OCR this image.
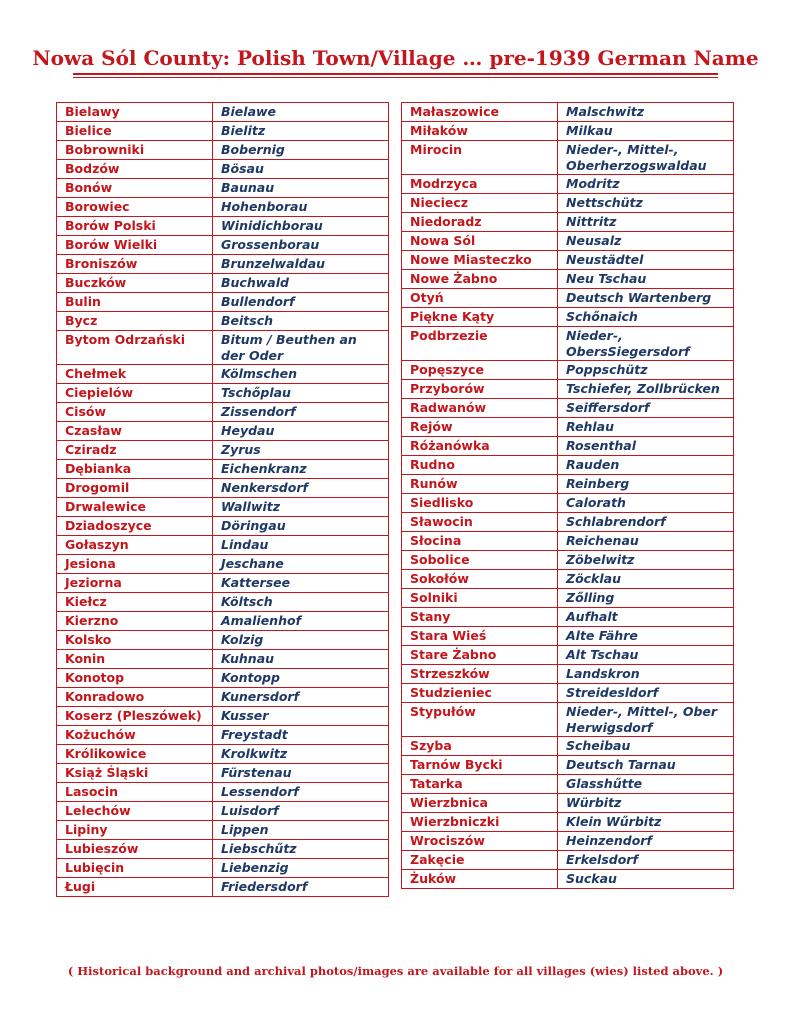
Nowa Sól County: Polish Town/Village … pre-1939 German Name
Bielawy	Bielawe
Bielice	Bielitz
Bobrowniki	Bobernig
Bodzów	Bösau
Bonów	Baunau
Borowiec	Hohenborau
Borów Polski	Winidichborau
Borów Wielki	Grossenborau
Broniszów	Brunzelwaldau
Buczków	Buchwald
Bulin	Bullendorf
Bycz	Beitsch
Bytom Odrzański	Bitum / Beuthen an der Oder
Chełmek	Kölmschen
Ciepielów	Tschőplau
Cisów	Zissendorf
Czasław	Heydau
Cziradz	Zyrus
Dębianka	Eichenkranz
Drogomil	Nenkersdorf
Drwalewice	Wallwitz
Dziadoszyce	Döringau
Gołaszyn	Lindau
Jesiona	Jeschane
Jeziorna	Kattersee
Kiełcz	Költsch
Kierzno	Amalienhof
Kolsko	Kolzig
Konin	Kuhnau
Konotop	Kontopp
Konradowo	Kunersdorf
Koserz (Pleszówek)	Kusser
Kożuchów	Freystadt
Królikowice	Krolkwitz
Książ Śląski	Fürstenau
Lasocin	Lessendorf
Lelechów	Luisdorf
Lipiny	Lippen
Lubieszów	Liebschűtz
Lubięcin	Liebenzig
Ługi	Friedersdorf
Małaszowice	Malschwitz
Miłaków	Milkau
Mirocin	Nieder-, Mittel-, Oberherzogswaldau
Modrzyca	Modritz
Nieciecz	Nettschütz
Niedoradz	Nittritz
Nowa Sól	Neusalz
Nowe Miasteczko	Neustädtel
Nowe Żabno	Neu Tschau
Otyń	Deutsch Wartenberg
Piękne Kąty	Schőnaich
Podbrzezie	Nieder-, ObersSiegersdorf
Popęszyce	Poppschütz
Przyborów	Tschiefer, Zollbrücken
Radwanów	Seiffersdorf
Rejów	Rehlau
Różanówka	Rosenthal
Rudno	Rauden
Runów	Reinberg
Siedlisko	Calorath
Sławocin	Schlabrendorf
Słocina	Reichenau
Sobolice	Zöbelwitz
Sokołów	Zöcklau
Solniki	Zőlling
Stany	Aufhalt
Stara Wieś	Alte Fähre
Stare Żabno	Alt Tschau
Strzeszków	Landskron
Studzieniec	Streidesldorf
Stypułów	Nieder-, Mittel-, Ober Herwigsdorf
Szyba	Scheibau
Tarnów Bycki	Deutsch Tarnau
Tatarka	Glasshűtte
Wierzbnica	Würbitz
Wierzbniczki	Klein Wűrbitz
Wrociszów	Heinzendorf
Zakęcie	Erkelsdorf
Żuków	Suckau
( Historical background and archival photos/images are available for all villages (wies) listed above. )
